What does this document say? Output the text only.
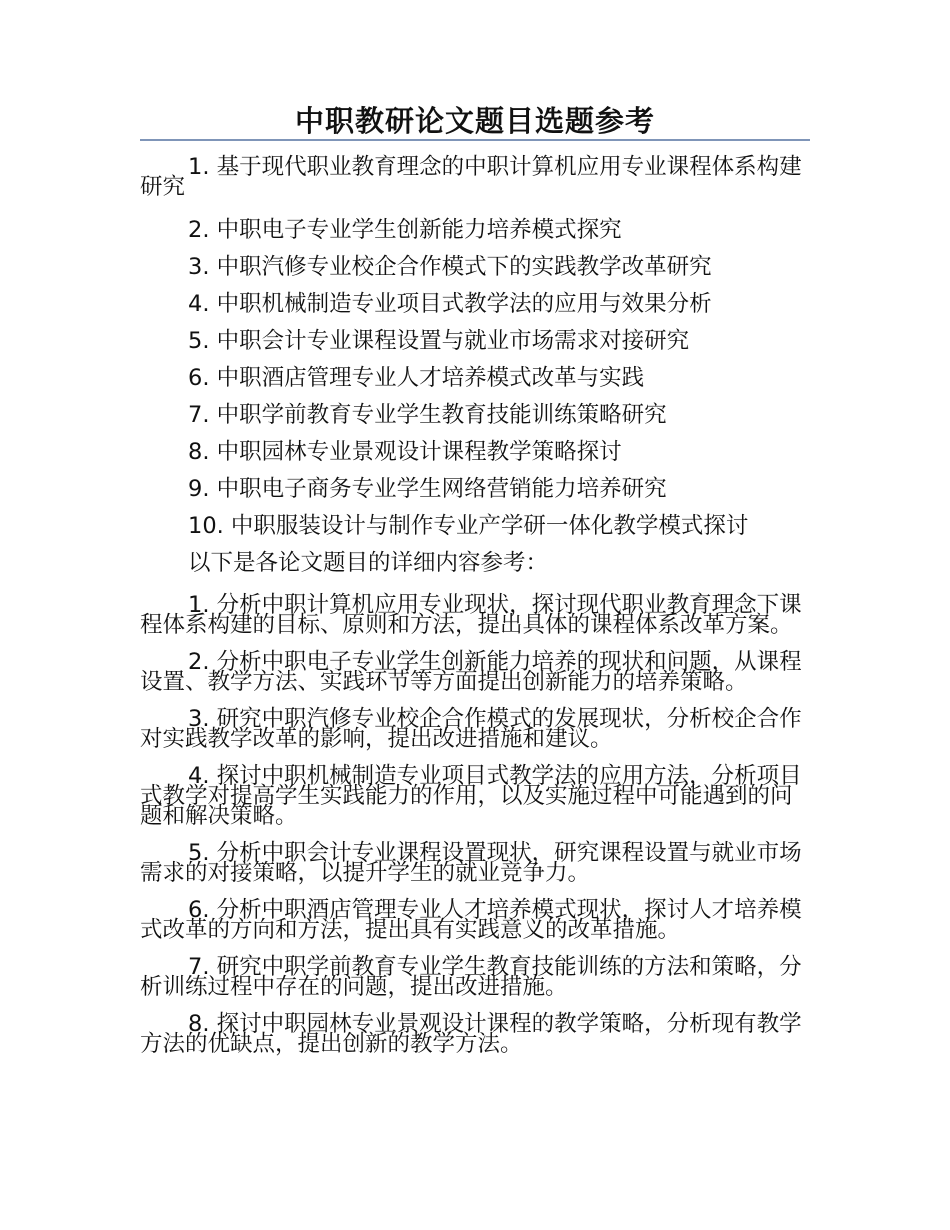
中职教研论文题目选题参考

1. 基于现代职业教育理念的中职计算机应用专业课程体系构建研究

2. 中职电子专业学生创新能力培养模式探究

3. 中职汽修专业校企合作模式下的实践教学改革研究

4. 中职机械制造专业项目式教学法的应用与效果分析

5. 中职会计专业课程设置与就业市场需求对接研究

6. 中职酒店管理专业人才培养模式改革与实践

7. 中职学前教育专业学生教育技能训练策略研究

8. 中职园林专业景观设计课程教学策略探讨

9. 中职电子商务专业学生网络营销能力培养研究

10. 中职服装设计与制作专业产学研一体化教学模式探讨

以下是各论文题目的详细内容参考：

1. 分析中职计算机应用专业现状，探讨现代职业教育理念下课程体系构建的目标、原则和方法，提出具体的课程体系改革方案。

2. 分析中职电子专业学生创新能力培养的现状和问题，从课程设置、教学方法、实践环节等方面提出创新能力的培养策略。

3. 研究中职汽修专业校企合作模式的发展现状，分析校企合作对实践教学改革的影响，提出改进措施和建议。

4. 探讨中职机械制造专业项目式教学法的应用方法，分析项目式教学对提高学生实践能力的作用，以及实施过程中可能遇到的问题和解决策略。

5. 分析中职会计专业课程设置现状，研究课程设置与就业市场需求的对接策略，以提升学生的就业竞争力。

6. 分析中职酒店管理专业人才培养模式现状，探讨人才培养模式改革的方向和方法，提出具有实践意义的改革措施。

7. 研究中职学前教育专业学生教育技能训练的方法和策略，分析训练过程中存在的问题，提出改进措施。

8. 探讨中职园林专业景观设计课程的教学策略，分析现有教学方法的优缺点，提出创新的教学方法。
